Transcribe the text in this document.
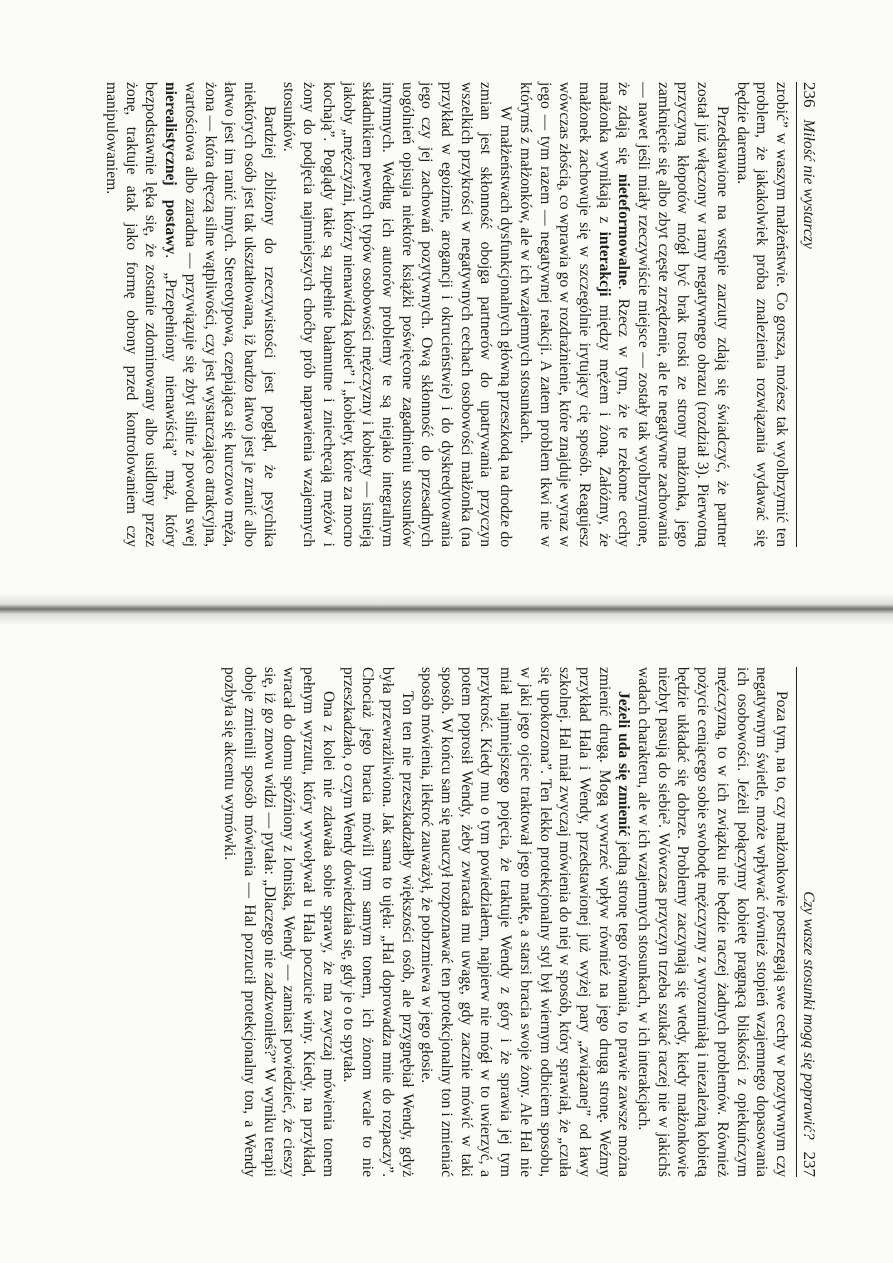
236 Miłość nie wystarczy

zrobić” w waszym małżeństwie. Co gorsza, możesz tak wyolbrzymić ten problem, że jakakolwiek próba znalezienia rozwiązania wydawać się będzie daremna.

Przedstawione na wstępie zarzuty zdają się świadczyć, że partner został już włączony w ramy negatywnego obrazu (rozdział 3). Pierwotną przyczyną kłopotów mógł być brak troski ze strony małżonka, jego zamknięcie się albo zbyt częste zrzędzenie, ale te negatywne zachowania — nawet jeśli miały rzeczywiście miejsce — zostały tak wyolbrzymione, że zdają się nieteformowalne. Rzecz w tym, że te rzekome cechy małżonka wynikają z interakcji między mężem i żoną. Załóżmy, że małżonek zachowuje się w szczególnie irytujący cię sposób. Reagujesz wówczas złością, co wprawia go w rozdrażnienie, które znajduje wyraz w jego — tym razem — negatywnej reakcji. A zatem problem tkwi nie w którymś z małżonków, ale w ich wzajemnych stosunkach.

W małżeństwach dysfunkcjonalnych główną przeszkodą na drodze do zmian jest skłonność obojga partnerów do upatrywania przyczyn wszelkich przykrości w negatywnych cechach osobowości małżonka (na przykład w egoizmie, arogancji i okrucieństwie) i do dyskredytowania jego czy jej zachowań pozytywnych. Ową skłonność do przesadnych uogólnień opisuja niektóre książki poświęcone zagadnieniu stosunków intymnych. Według ich autorów problemy te są niejako integralnym składnikiem pewnych typów osobowości mężczyzny i kobiety — istnieją jakoby „mężczyźni, którzy nienawidzą kobiet” i „kobiety, które za mocno kochają”. Poglądy takie są zupełnie bałamutne i zniechęcają mężów i żony do podjęcia najmniejszych choćby prób naprawienia wzajemnych stosunków.

Bardziej zbliżony do rzeczywistości jest pogląd, że psychika niektórych osób jest tak ukształtowana, iż bardzo łatwo jest je zranić albo łatwo jest im ranić innych. Stereotypowa, czepiająca się kurczowo męża, żona — która dręczą silne wątpliwości, czy jest wystarczająco atrakcyjna, wartościowa albo zaradna — przywiązuje się zbyt silnie z powodu swej nierealistycznej postawy. „Przepełniony nienawiścią” mąż, który bezpodstawnie lęka się, że zostanie zdominowany albo usidlony przez żonę, traktuje atak jako formę obrony przed kontrolowaniem czy manipulowaniem.

Czy wasze stosunki mogą się poprawić? 237

Poza tym, na to, czy małżonkowie postrzegają swe cechy w pozytywnym czy negatywnym świetle, może wpływać również stopień wzajemnego dopasowania ich osobowości. Jeżeli połączymy kobietę pragnącą bliskości z opiekuńczym mężczyzną, to w ich związku nie będzie raczej żadnych problemów. Również pożycie ceniącego sobie swobodę mężczyzny z wyrozumiałą i niezależną kobietą będzie układać się dobrze. Problemy zaczynają się wtedy, kiedy małżonkowie niezbyt pasują do siebie². Wówczas przyczyn trzeba szukać raczej nie w jakichś wadach charakteru, ale w ich wzajemnych stosunkach, w ich interakcjach.

Jeżeli uda się zmienić jedną stronę tego równania, to prawie zawsze można zmienić drugą. Mogą wywrzeć wpływ również na jego drugą stronę. Weźmy przykład Hala i Wendy, przedstawionej już wyżej pary „związanej” od ławy szkolnej. Hal miał zwyczaj mówienia do niej w sposób, który sprawiał, że „czuła się upokorzona”. Ten lekko protekcjonalny styl był wiernym odbiciem sposobu, w jaki jego ojciec traktował jego matkę, a starsi bracia swoje żony. Ale Hal nie miał najmniejszego pojęcia, że traktuje Wendy z góry i że sprawia jej tym przykrość. Kiedy mu o tym powiedziałem, najpierw nie mógł w to uwierzyć, a potem poprosił Wendy, żeby zwracała mu uwagę, gdy zacznie mówić w taki sposób. W końcu sam się nauczył rozpoznawać ten protekcjonalny ton i zmieniać sposób mówienia, ilekroć zauważył, że pobrzmiewa w jego głosie.

Ton ten nie przeszkadzałby większości osób, ale przygnębiał Wendy, gdyż była przewrażliwiona. Jak sama to ujęła: „Hal doprowadza mnie do rozpaczy”. Chociaż jego bracia mówili tym samym tonem, ich żonom wcale to nie przeszkadzało, o czym Wendy dowiedziała się, gdy je o to spytała.

Ona z kolei nie zdawała sobie sprawy, że ma zwyczaj mówienia tonem pełnym wyrzutu, który wywoływał u Hala poczucie winy. Kiedy, na przykład, wracał do domu spóźniony z lotniska, Wendy — zamiast powiedzieć, że cieszy się, iż go znowu widzi — pytała: „Dlaczego nie zadzwoniłeś?” W wyniku terapii oboje zmienili sposób mówienia — Hal porzucił protekcjonalny ton, a Wendy pozbyła się akcentu wymówki.
